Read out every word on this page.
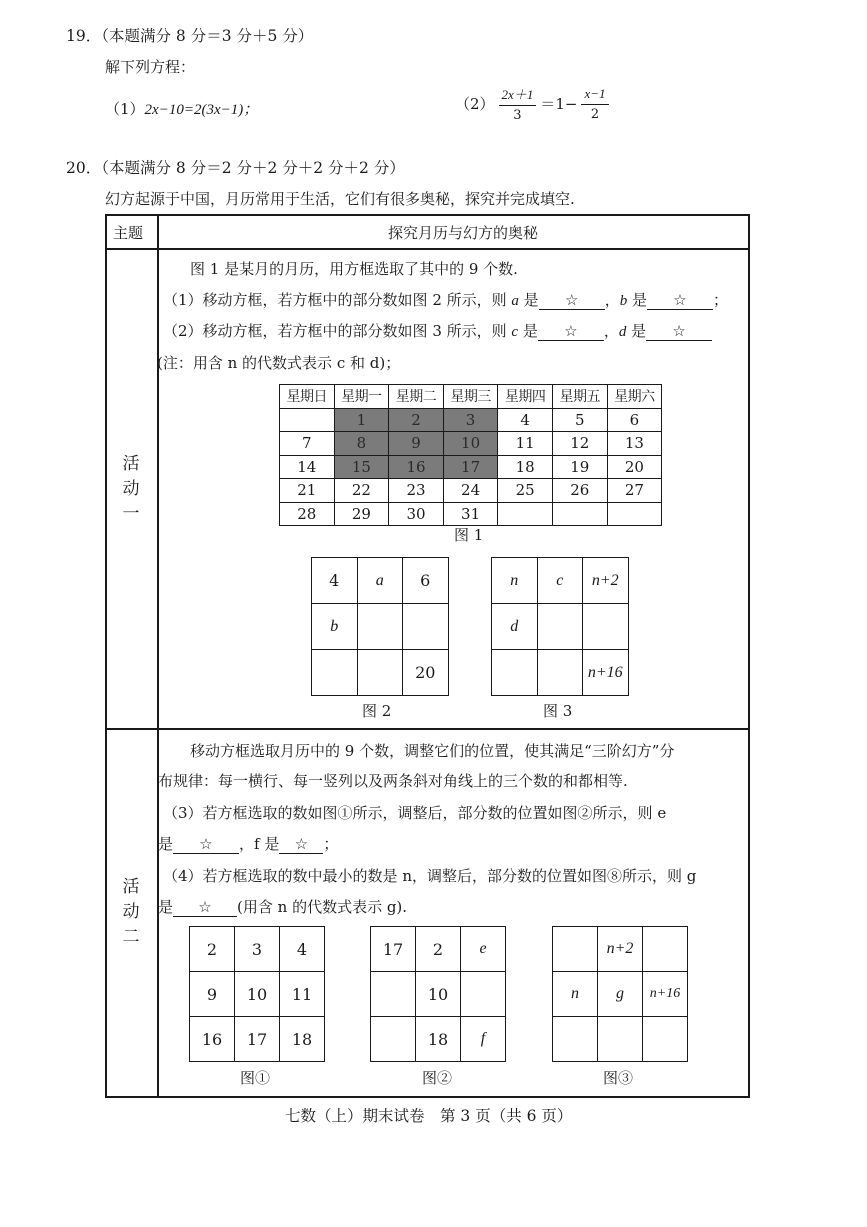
19．（本题满分 8 分＝3 分＋5 分）
解下列方程：
（1）2x−10=2(3x−1)；	$(2) \frac{2x+1}{3} =1- \frac{x-1}{2}$
20．（本题满分 8 分＝2 分＋2 分＋2 分＋2 分）
幻方起源于中国，月历常用于生活，它们有很多奥秘，探究并完成填空.
主题	探究月历与幻方的奥秘
活
动
一
图 1 是某月的月历，用方框选取了其中的 9 个数.
（1）移动方框，若方框中的部分数如图 2 所示，则 a 是 ☆ ，b 是 ☆ ；
（2）移动方框，若方框中的部分数如图 3 所示，则 c 是 ☆ ，d 是 ☆
(注：用含 n 的代数式表示 c 和 d)；
星期日	星期一	星期二	星期三	星期四	星期五	星期六
	1	2	3	4	5	6
7	8	9	10	11	12	13
14	15	16	17	18	19	20
21	22	23	24	25	26	27
28	29	30	31			
图 1
4	a	6
b		
		20
图 2
n	c	n+2
d		
		n+16
图 3
活
动
二
移动方框选取月历中的 9 个数，调整它们的位置，使其满足“三阶幻方”分
布规律：每一横行、每一竖列以及两条斜对角线上的三个数的和都相等.
（3）若方框选取的数如图①所示，调整后，部分数的位置如图②所示，则 e
是 ☆ ，f 是 ☆ ；
（4）若方框选取的数中最小的数是 n，调整后，部分数的位置如图⑧所示，则 g
是 ☆ (用含 n 的代数式表示 g).
2	3	4
9	10	11
16	17	18
图①
17	2	e
	10	
	18	f
图②
	n+2	
n	g	n+16

图③
七数（上）期末试卷　第 3 页（共 6 页）
